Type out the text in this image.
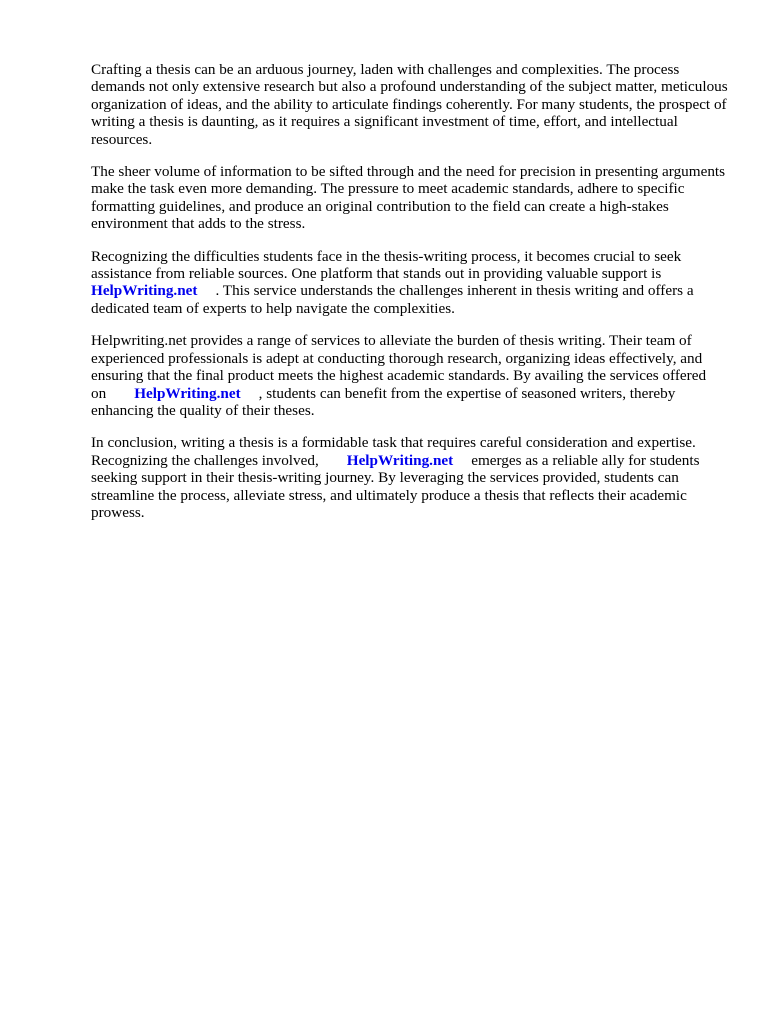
Crafting a thesis can be an arduous journey, laden with challenges and complexities. The process demands not only extensive research but also a profound understanding of the subject matter, meticulous organization of ideas, and the ability to articulate findings coherently. For many students, the prospect of writing a thesis is daunting, as it requires a significant investment of time, effort, and intellectual resources.

The sheer volume of information to be sifted through and the need for precision in presenting arguments make the task even more demanding. The pressure to meet academic standards, adhere to specific formatting guidelines, and produce an original contribution to the field can create a high-stakes environment that adds to the stress.

Recognizing the difficulties students face in the thesis-writing process, it becomes crucial to seek assistance from reliable sources. One platform that stands out in providing valuable support is
HelpWriting.net . This service understands the challenges inherent in thesis writing and offers a dedicated team of experts to help navigate the complexities.

Helpwriting.net provides a range of services to alleviate the burden of thesis writing. Their team of experienced professionals is adept at conducting thorough research, organizing ideas effectively, and ensuring that the final product meets the highest academic standards. By availing the services offered on HelpWriting.net , students can benefit from the expertise of seasoned writers, thereby enhancing the quality of their theses.

In conclusion, writing a thesis is a formidable task that requires careful consideration and expertise. Recognizing the challenges involved, HelpWriting.net emerges as a reliable ally for students seeking support in their thesis-writing journey. By leveraging the services provided, students can streamline the process, alleviate stress, and ultimately produce a thesis that reflects their academic prowess.
